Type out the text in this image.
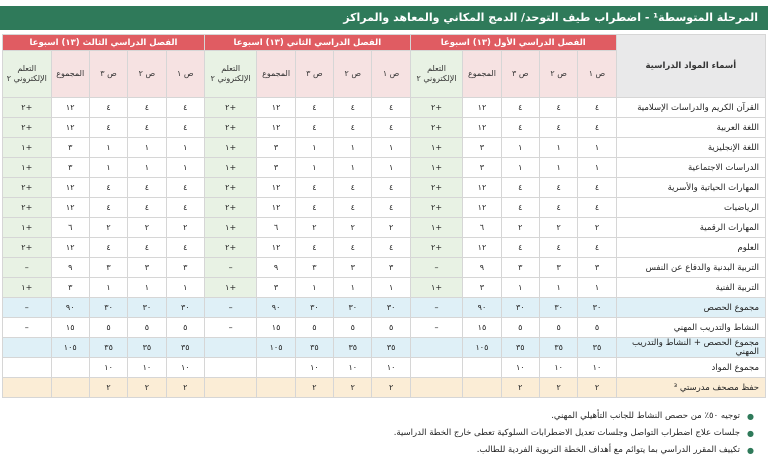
المرحلة المتوسطة¹ - اضطراب طيف التوحد/ الدمج المكاني والمعاهد والمراكز
أسماء المواد الدراسية	الفصل الدراسي الأول (١٣) اسبوعا					الفصل الدراسي الثاني (١٣) اسبوعا					الفصل الدراسي الثالث (١٣) اسبوعا				
	ص ١	ص ٢	ص ٣	المجموع	التعلم الإلكتروني ٢	ص ١	ص ٢	ص ٣	المجموع	التعلم الإلكتروني ٢	ص ١	ص ٢	ص ٣	المجموع	التعلم الإلكتروني ٢
القرآن الكريم والدراسات الإسلامية	٤	٤	٤	١٢	+٢	٤	٤	٤	١٢	+٢	٤	٤	٤	١٢	+٢
اللغة العربية	٤	٤	٤	١٢	+٢	٤	٤	٤	١٢	+٢	٤	٤	٤	١٢	+٢
اللغة الإنجليزية	١	١	١	٣	+١	١	١	١	٣	+١	١	١	١	٣	+١
الدراسات الاجتماعية	١	١	١	٣	+١	١	١	١	٣	+١	١	١	١	٣	+١
المهارات الحياتية والأسرية	٤	٤	٤	١٢	+٢	٤	٤	٤	١٢	+٢	٤	٤	٤	١٢	+٢
الرياضيات	٤	٤	٤	١٢	+٢	٤	٤	٤	١٢	+٢	٤	٤	٤	١٢	+٢
المهارات الرقمية	٢	٢	٢	٦	+١	٢	٢	٢	٦	+١	٢	٢	٢	٦	+١
العلوم	٤	٤	٤	١٢	+٢	٤	٤	٤	١٢	+٢	٤	٤	٤	١٢	+٢
التربية البدنية والدفاع عن النفس	٣	٣	٣	٩	–	٣	٣	٣	٩	–	٣	٣	٣	٩	–
التربية الفنية	١	١	١	٣	+١	١	١	١	٣	+١	١	١	١	٣	+١
مجموع الحصص	٣٠	٣٠	٣٠	٩٠	–	٣٠	٣٠	٣٠	٩٠	–	٣٠	٣٠	٣٠	٩٠	–
النشاط والتدريب المهني	٥	٥	٥	١٥	–	٥	٥	٥	١٥	–	٥	٥	٥	١٥	–
مجموع الحصص + النشاط والتدريب المهني	٣٥	٣٥	٣٥	١٠٥		٣٥	٣٥	٣٥	١٠٥		٣٥	٣٥	٣٥	١٠٥	
مجموع المواد	١٠	١٠	١٠			١٠	١٠	١٠			١٠	١٠	١٠		
حفظ مصحف مدرستي ³	٢	٢	٢			٢	٢	٢			٢	٢	٢		
●
توجيه ٥٠٪ من حصص النشاط للجانب التأهيلي المهني.
●
جلسات علاج اضطراب التواصل وجلسات تعديل الاضطرابات السلوكية تعطى خارج الخطة الدراسية.
●
تكييف المقرر الدراسي بما يتوائم مع أهداف الخطة التربوية الفردية للطالب.
